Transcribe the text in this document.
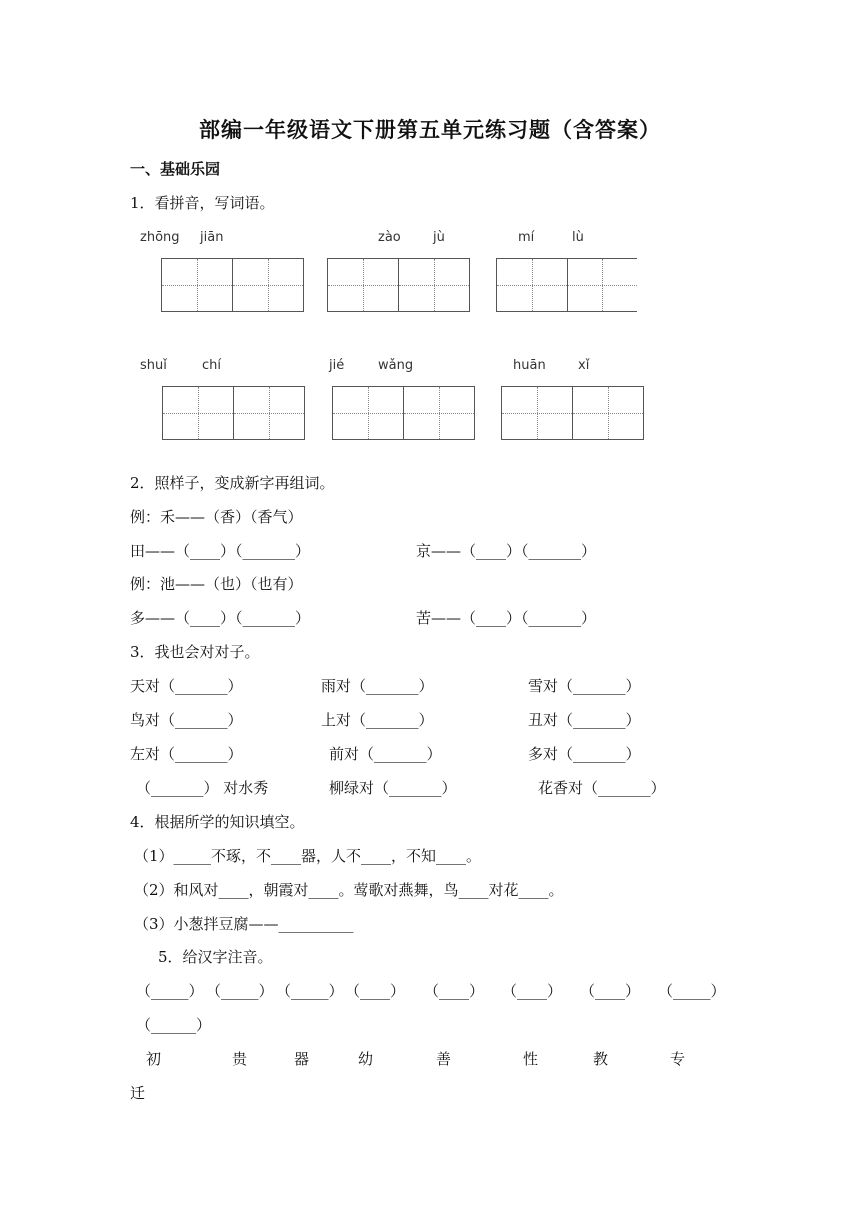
部编一年级语文下册第五单元练习题（含答案）
一、基础乐园
1．看拼音，写词语。
zhōng jiān	zào jù	mí	lù
shuǐ	chí	jié	wǎng	huān xǐ
2．照样子，变成新字再组词。
例：禾——（香）（香气）
田——（____）（_______）	京——（____）（_______）
例：池——（也）（也有）
多——（____）（_______）	苦——（____）（_______）
3．我也会对对子。
天对（_______）	雨对（_______）	雪对（_______）
鸟对（_______）	上对（_______）	丑对（_______）
左对（_______）	前对（_______）	多对（_______）
（_______） 对水秀	柳绿对（_______）	花香对（_______）
4．根据所学的知识填空。
（1）_____不琢，不____器，人不____，不知____。
（2）和风对____，朝霞对____。莺歌对燕舞，鸟____对花____。
（3）小葱拌豆腐——__________
5．给汉字注音。
（_____） （_____） （_____） （____） （____） （____） （____） （_____）
（______）
初	贵	器	幼	善	性	教	专
迁
